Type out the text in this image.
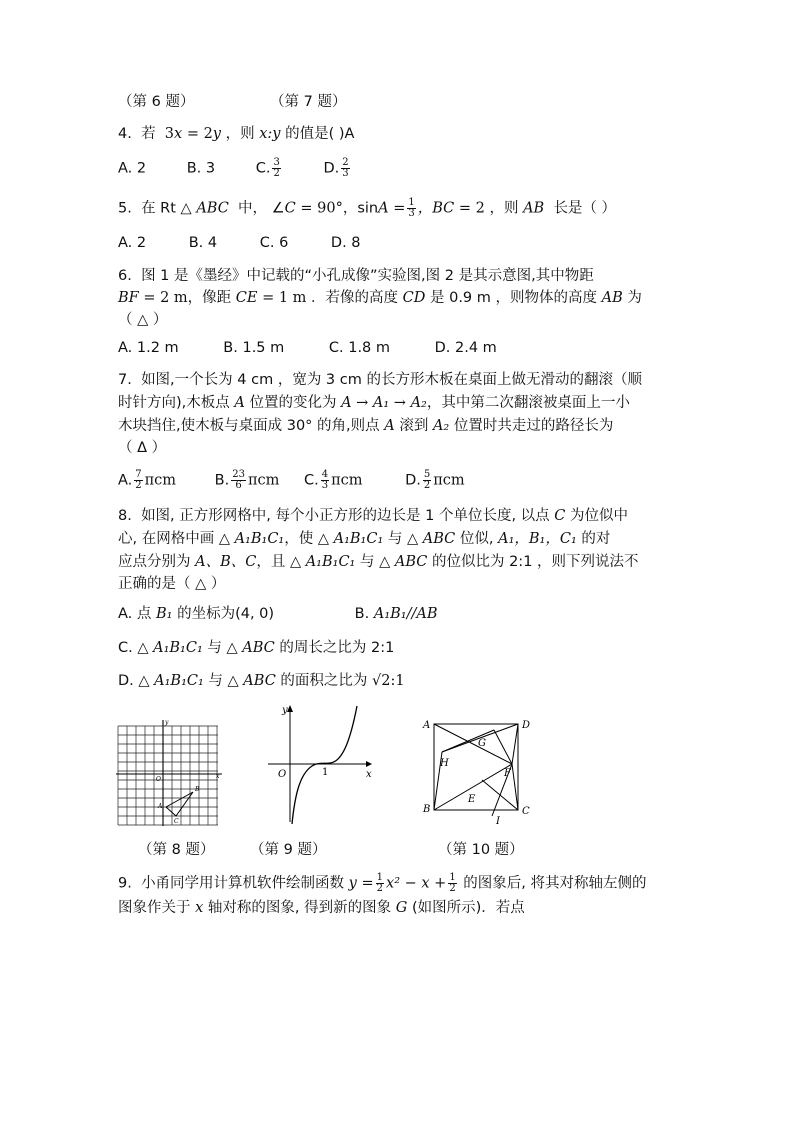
（第 6 题）	（第 7 题）
4. 若 3x = 2y ，则 x:y 的值是( )A
A. 2	B. 3	C. $\frac{3}{2}$	D. $\frac{2}{3}$
5. 在 Rt △ ABC 中， ∠C = 90°，$\sin A = \frac{1}{3}$ ，BC = 2 ，则 AB 长是（ ）
A. 2	B. 4	C. 6	D. 8
6. 图 1 是《墨经》中记载的“小孔成像”实验图,图 2 是其示意图,其中物距
BF = 2 m，像距 CE = 1 m ．若像的高度 CD 是 0.9 m ，则物体的高度 AB 为
（ △ ）
A. 1.2 m	B. 1.5 m	C. 1.8 m	D. 2.4 m
7. 如图,一个长为 4 cm ，宽为 3 cm 的长方形木板在桌面上做无滑动的翻滚（顺
时针方向),木板点 A 位置的变化为 A → A₁ → A₂，其中第二次翻滚被桌面上一小
木块挡住,使木板与桌面成 30° 的角,则点 A 滚到 A₂ 位置时共走过的路径长为
（ Δ ）
A. $\frac{7}{2}$ πcm	B. $\frac{23}{6}$ πcm C. $\frac{4}{3}$ πcm	D. $\frac{5}{2}$ πcm
8. 如图, 正方形网格中, 每个小正方形的边长是 1 个单位长度, 以点 C 为位似中
心, 在网格中画 △ A₁B₁C₁，使 △ A₁B₁C₁ 与 △ ABC 位似, A₁，B₁，C₁ 的对
应点分别为 A、B、C，且 △ A₁B₁C₁ 与 △ ABC 的位似比为 2:1 ，则下列说法不
正确的是（ △ ）
A. 点 B₁ 的坐标为(4, 0)	B. A₁B₁//AB
C. △ A₁B₁C₁ 与 △ ABC 的周长之比为 2:1
D. △ A₁B₁C₁ 与 △ ABC 的面积之比为 √2:1
y
x
O
A
B
C
y
x
O	1
A	D
B	C
G
H
F
E
I
（第 8 题） （第 9 题）	（第 10 题）
9. 小甬同学用计算机软件绘制函数 $y = \frac{1}{2} x^2 - x + \frac{1}{2}$ 的图象后, 将其对称轴左侧的
图象作关于 x 轴对称的图象, 得到新的图象 G (如图所示)．若点
